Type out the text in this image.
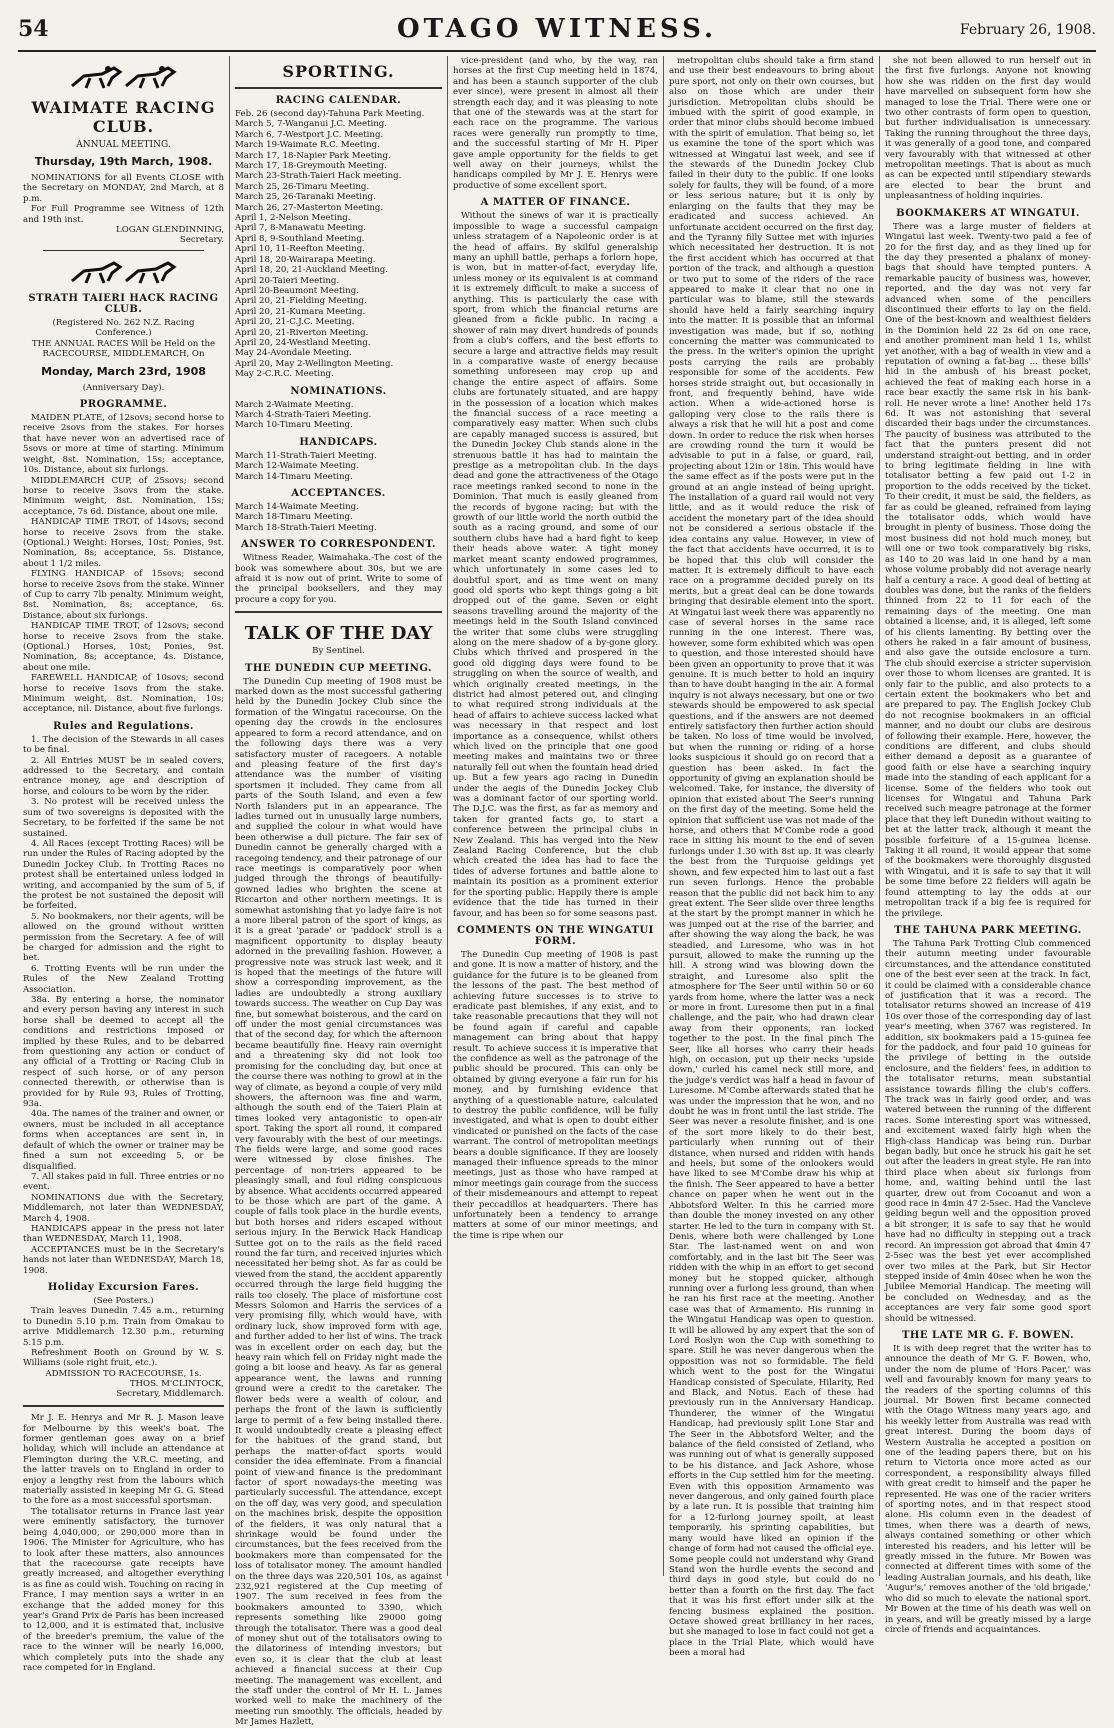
54	OTAGO WITNESS.	February 26, 1908.
WAIMATE RACING CLUB.
ANNUAL MEETING.
Thursday, 19th March, 1908.

NOMINATIONS for all Events CLOSE with the Secretary on MONDAY, 2nd March, at 8 p.m.

For Full Programme see Witness of 12th and 19th inst.

LOGAN GLENDINNING,
Secretary.
STRATH TAIERI HACK RACING CLUB.

(Registered No. 262 N.Z. Racing Conference.)

THE ANNUAL RACES Will be Held on the RACECOURSE, MIDDLEMARCH, On

Monday, March 23rd, 1908

(Anniversary Day).

PROGRAMME.

MAIDEN PLATE, of 12sovs; second horse to receive 2sovs from the stakes. For horses that have never won an advertised race of 5sovs or more at time of starting. Minimum weight, 8st. Nomination, 15s; acceptance, 10s. Distance, about six furlongs.

MIDDLEMARCH CUP, of 25sovs; second horse to receive 3sovs from the stake. Minimum weight, 8st. Nomination, 15s; acceptance, 7s 6d. Distance, about one mile.

HANDICAP TIME TROT, of 14sovs; second horse to receive 2sovs from the stake. (Optional.) Weight: Horses, 10st; Ponies, 9st. Nomination, 8s; acceptance, 5s. Distance, about 1 1/2 miles.

FLYING HANDICAP of 15sovs; second horse to receive 2sovs from the stake. Winner of Cup to carry 7lb penalty. Minimum weight, 8st. Nomination, 8s; acceptance, 6s. Distance, about six furlongs.

HANDICAP TIME TROT, of 12sovs; second horse to receive 2sovs from the stake. (Optional.) Horses, 10st; Ponies, 9st. Nomination, 8s; acceptance, 4s. Distance, about one mile.

FAREWELL HANDICAP, of 10sovs; second horse to receive 1sovs from the stake. Minimum weight, 8st. Nomination, 10s; acceptance, nil. Distance, about five furlongs.

Rules and Regulations.

1. The decision of the Stewards in all cases to be final.

2. All Entries MUST be in sealed covers, addressed to the Secretary, and contain entrance money, age and description of horse, and colours to be worn by the rider.

3. No protest will be received unless the sum of two sovereigns is deposited with the Secretary, to be forfeited if the same be not sustained.

4. All Races (except Trotting Races) will be run under the Rules of Racing adopted by the Dunedin Jockey Club. In Trotting Races no protest shall be entertained unless lodged in writing, and accompanied by the sum of 5, if the protest be not sustained the deposit will be forfeited.

5. No bookmakers, nor their agents, will be allowed on the ground without written permission from the Secretary. A fee of will be charged for admission and the right to bet.

6. Trotting Events will be run under the Rules of the New Zealand Trotting Association.

38a. By entering a horse, the nominator and every person having any interest in such horse shall be deemed to accept all the conditions and restrictions imposed or implied by these Rules, and to be debarred from questioning any action or conduct of any official of a Trotting or Racing Club in respect of such horse, or of any person connected therewith, or otherwise than is provided for by Rule 93, Rules of Trotting, 93a.

40a. The names of the trainer and owner, or owners, must be included in all acceptance forms when acceptances are sent in, in default of which the owner or trainer may be fined a sum not exceeding 5, or be disqualified.

7. All stakes paid in full. Three entries or no event.

NOMINATIONS due with the Secretary, Middlemarch, not later than WEDNESDAY, March 4, 1908.

HANDICAPS appear in the press not later than WEDNESDAY, March 11, 1908.

ACCEPTANCES must be in the Secretary's hands not later than WEDNESDAY, March 18, 1908.

Holiday Excursion Fares.

(See Posters.)

Train leaves Dunedin 7.45 a.m., returning to Dunedin 5.10 p.m. Train from Omakau to arrive Middlemarch 12.30 p.m., returning 5.15 p.m.

Refreshment Booth on Ground by W. S. Williams (sole right fruit, etc.).

ADMISSION TO RACECOURSE, 1s.

THOS. M'CLINTOCK,
Secretary, Middlemarch.

Mr J. E. Henrys and Mr R. J. Mason leave for Melbourne by this week's boat. The former gentleman goes away on a brief holiday, which will include an attendance at Flemington during the V.R.C. meeting, and the latter travels on to England in order to enjoy a lengthy rest from the labours which materially assisted in keeping Mr G. G. Stead to the fore as a most successful sportsman.

The totalisator returns in France last year were eminently satisfactory, the turnover being 4,040,000, or 290,000 more than in 1906. The Minister for Agriculture, who has to look after these matters, also announces that the racecourse gate receipts have greatly increased, and altogether everything is as fine as could wish. Touching on racing in France, I may mention says a writer in an exchange that the added money for this year's Grand Prix de Paris has been increased to 12,000, and it is estimated that, inclusive of the breeder's premium, the value of the race to the winner will be nearly 16,000, which completely puts into the shade any race competed for in England.

SPORTING.
RACING CALENDAR.

Feb. 26 (second day)-Tahuna Park Meeting.

March 5, 7-Wanganui J.C. Meeting.

March 6, 7-Westport J.C. Meeting.

March 19-Waimate R.C. Meeting.

March 17, 18-Napier Park Meeting.

March 17, 18-Greymouth Meeting.

March 23-Strath-Taieri Hack meeting.

March 25, 26-Timaru Meeting.

March 25, 26-Taranaki Meeting.

March 26, 27-Masterton Meeting.

April 1, 2-Nelson Meeting.

April 7, 8-Manawatu Meeting.

April 8, 9-Southland Meeting.

April 10, 11-Reefton Meeting.

April 18, 20-Wairarapa Meeting.

April 18, 20, 21-Auckland Meeting.

April 20-Taieri Meeting.

April 20-Beaumont Meeting.

April 20, 21-Fielding Meeting.

April 20, 21-Kumara Meeting.

April 20, 21-C.J.C. Meeting.

April 20, 21-Riverton Meeting.

April 20, 24-Westland Meeting.

May 24-Avondale Meeting.

April 20, May 2-Wellington Meeting.

May 2-C.R.C. Meeting.

NOMINATIONS.

March 2-Waimate Meeting.

March 4-Strath-Taieri Meeting.

March 10-Timaru Meeting.

HANDICAPS.

March 11-Strath-Taieri Meeting.

March 12-Waimate Meeting.

March 14-Timaru Meeting.

ACCEPTANCES.

March 14-Waimate Meeting.

March 18-Timaru Meeting.

March 18-Strath-Taieri Meeting.

ANSWER TO CORRESPONDENT.

Witness Reader, Waimahaka.-The cost of the book was somewhere about 30s, but we are afraid it is now out of print. Write to some of the principal booksellers, and they may procure a copy for you.

TALK OF THE DAY

By Sentinel.

THE DUNEDIN CUP MEETING.

The Dunedin Cup meeting of 1908 must be marked down as the most successful gathering held by the Dunedin Jockey Club since the formation of the Wingatui racecourse. On the opening day the crowds in the enclosures appeared to form a record attendance, and on the following days there was a very satisfactory muster of racegoers. A notable and pleasing feature of the first day's attendance was the number of visiting sportsmen it included. They came from all parts of the South Island, and even a few North Islanders put in an appearance. The ladies turned out in unusually large numbers, and supplied the colour in what would have been otherwise a dull picture. The fair sex of Dunedin cannot be generally charged with a racegoing tendency, and their patronage of our race meetings is comparatively poor when judged through the throngs of beautifully-gowned ladies who brighten the scene at Riccarton and other northern meetings. It is somewhat astonishing that yo ladye faire is not a more liberal patron of the sport of kings, as it is a great 'parade' or 'paddock' stroll is a magnificent opportunity to display beauty adorned in the prevailing fashion. However, a progressive note was struck last week, and it is hoped that the meetings of the future will show a corresponding improvement, as the ladies are undoubtedly a strong auxiliary towards success. The weather on Cup Day was fine, but somewhat boisterous, and the card on off under the most genial circumstances was that of the second day, for which the afternoon became beautifully fine. Heavy rain overnight and a threatening sky did not look too promising for the concluding day, but once at the course there was nothing to growl at in the way of climate, as beyond a couple of very mild showers, the afternoon was fine and warm, although the south end of the Taieri Plain at times looked very antagonistic to open-air sport. Taking the sport all round, it compared very favourably with the best of our meetings. The fields were large, and some good races were witnessed by close finishes. The percentage of non-triers appeared to be pleasingly small, and foul riding conspicuous by absence. What accidents occurred appeared to be those which are part of the game. A couple of falls took place in the hurdle events, but both horses and riders escaped without serious injury. In the Berwick Hack Handicap Suttee got on to the rails as the field raced round the far turn, and received injuries which necessitated her being shot. As far as could be viewed from the stand, the accident apparently occurred through the large field hugging the rails too closely. The place of misfortune cost Messrs Solomon and Harris the services of a very promising filly, which would have, with ordinary luck, show improved form with age, and further added to her list of wins. The track was in excellent order on each day, but the heavy rain which fell on Friday night made the going a bit loose and heavy. As far as general appearance went, the lawns and running ground were a credit to the caretaker. The flower beds were a wealth of colour, and perhaps the front of the lawn is sufficiently large to permit of a few being installed there. It would undoubtedly create a pleasing effect for the habitues of the grand stand, but perhaps the matter-of-fact sports would consider the idea effeminate. From a financial point of view-and finance is the predominant factor of sport nowadays-the meeting was particularly successful. The attendance, except on the off day, was very good, and speculation on the machines brisk, despite the opposition of the fielders, it was only natural that a shrinkage would be found under the circumstances, but the fees received from the bookmakers more than compensated for the loss of totalisator money. The amount handled on the three days was 220,501 10s, as against 232,921 registered at the Cup meeting of 1907. The sum received in fees from the bookmakers amounted to 3390, which represents something like 29000 going through the totalisator. There was a good deal of money shut out of the totalisators owing to the dilatoriness of intending investors; but even so, it is clear that the club at least achieved a financial success at their Cup meeting. The management was excellent, and the staff under the control of Mr H. L. James worked well to make the machinery of the meeting run smoothly. The officials, headed by Mr James Hazlett,

vice-president (and who, by the way, ran horses at the first Cup meeting held in 1874, and has been a staunch supporter of the club ever since), were present in almost all their strength each day, and it was pleasing to note that one of the stewards was at the start for each race on the programme. The various races were generally run promptly to time, and the successful starting of Mr H. Piper gave ample opportunity for the fields to get well away on their journeys, whilst the handicaps compiled by Mr J. E. Henrys were productive of some excellent sport.

A MATTER OF FINANCE.

Without the sinews of war it is practically impossible to wage a successful campaign unless stratagem of a Napoleonic order is at the head of affairs. By skilful generalship many an uphill battle, perhaps a forlorn hope, is won, but in matter-of-fact, everyday life, unless money or its equivalent is at command it is extremely difficult to make a success of anything. This is particularly the case with sport, from which the financial returns are gleaned from a fickle public. In racing a shower of rain may divert hundreds of pounds from a club's coffers, and the best efforts to secure a large and attractive fields may result in a comparative waste of energy because something unforeseen may crop up and change the entire aspect of affairs. Some clubs are fortunately situated, and are happy in the possession of a location which makes the financial success of a race meeting a comparatively easy matter. When such clubs are capably managed success is assured, but the Dunedin Jockey Club stands alone in the strenuous battle it has had to maintain the prestige as a metropolitan club. In the days dead and gone the attractiveness of the Otago race meetings ranked second to none in the Dominion. That much is easily gleaned from the records of bygone racing; but with the growth of our little world the north outbid the south as a racing ground, and some of our southern clubs have had a hard fight to keep their heads above water. A tight money market meant scanty endowed programmes, which unfortunately in some cases led to doubtful sport, and as time went on many good old sports who kept things going a bit dropped out of the game. Seven or eight seasons travelling around the majority of the meetings held in the South Island convinced the writer that some clubs were struggling along on the mere shadow of a by-gone glory. Clubs which thrived and prospered in the good old digging days were found to be struggling on when the source of wealth, and which originally created meetings, in the district had almost petered out, and clinging to what required strong individuals at the head of affairs to achieve success lacked what was necessary in that respect and lost importance as a consequence, whilst others which lived on the principle that one good meeting makes and maintains two or three naturally fell out when the fountain head dried up. But a few years ago racing in Dunedin under the aegis of the Dunedin Jockey Club was a dominant factor of our sporting world. The D.J.C. was the first, as far as memory and taken for granted facts go, to start a conference between the principal clubs in New Zealand. This has verged into the New Zealand Racing Conference, but the club which created the idea has had to face the tides of adverse fortunes and battle alone to maintain its position as a prominent exterior for the sporting public. Happily there is ample evidence that the tide has turned in their favour, and has been so for some seasons past.

COMMENTS ON THE WINGATUI FORM.

The Dunedin Cup meeting of 1908 is past and gone. It is now a matter of history, and the guidance for the future is to be gleaned from the lessons of the past. The best method of achieving future successes is to strive to eradicate past blemishes, if any exist, and to take reasonable precautions that they will not be found again if careful and capable management can bring about that happy result. To achieve success it is imperative that the confidence as well as the patronage of the public should be procured. This can only be obtained by giving everyone a fair run for his money, and by furnishing evidence that anything of a questionable nature, calculated to destroy the public confidence, will be fully investigated, and what is open to doubt either vindicated or punished on the facts of the case warrant. The control of metropolitan meetings bears a double significance. If they are loosely managed their influence spreads to the minor meetings, just as those who have ramped at minor meetings gain courage from the success of their misdemeanours and attempt to repeat their peccadillos at headquarters. There has unfortunately been a tendency to arrange matters at some of our minor meetings, and the time is ripe when our

metropolitan clubs should take a firm stand and use their best endeavours to bring about pure sport, not only on their own courses, but also on those which are under their jurisdiction. Metropolitan clubs should be imbued with the spirit of good example, in order that minor clubs should become imbued with the spirit of emulation. That being so, let us examine the tone of the sport which was witnessed at Wingatui last week, and see if the stewards of the Dunedin Jockey Club failed in their duty to the public. If one looks solely for faults, they will be found, of a more or less serious nature; but it is only by enlarging on the faults that they may be eradicated and success achieved. An unfortunate accident occurred on the first day, and the Tyranny filly Suttee met with injuries which necessitated her destruction. It is not the first accident which has occurred at that portion of the track, and although a question or two put to some of the riders of the race appeared to make it clear that no one in particular was to blame, still the stewards should have held a fairly searching inquiry into the matter. It is possible that an informal investigation was made, but if so, nothing concerning the matter was communicated to the press. In the writer's opinion the upright posts carrying the rails are probably responsible for some of the accidents. Few horses stride straight out, but occasionally in front, and frequently behind, have wide action. When a wide-actioned horse is galloping very close to the rails there is always a risk that he will hit a post and come down. In order to reduce the risk when horses are crowding round the turn it would be advisable to put in a false, or guard, rail, projecting about 12in or 18in. This would have the same effect as if the posts were put in the ground at an angle instead of being upright. The installation of a guard rail would not very little, and as it would reduce the risk of accident the monetary part of the idea should not be considered a serious obstacle if the idea contains any value. However, in view of the fact that accidents have occurred, it is to be hoped that this club will consider the matter. It is extremely difficult to have each race on a programme decided purely on its merits, but a great deal can be done towards bringing that desirable element into the sport. At Wingatui last week there was apparently no case of several horses in the same race running in the one interest. There was, however, some form exhibited which was open to question, and those interested should have been given an opportunity to prove that it was genuine. It is much better to hold an inquiry than to have doubt hanging in the air. A formal inquiry is not always necessary, but one or two stewards should be empowered to ask special questions, and if the answers are not deemed entirely satisfactory then further action should be taken. No loss of time would be involved, but when the running or riding of a horse looks suspicious it should go on record that a question has been asked. In fact the opportunity of giving an explanation should be welcomed. Take, for instance, the diversity of opinion that existed about The Seer's running on the first day of the meeting. Some held the opinion that sufficient use was not made of the horse, and others that M'Combe rode a good race in sitting his mount to the end of seven furlongs under 1.30 with 8st up. It was clearly the best from the Turquoise geldings yet shown, and few expected him to last out a fast run seven furlongs. Hence the probable reason that the public did not back him to any great extent. The Seer slide over three lengths at the start by the prompt manner in which he was jumped out at the rise of the barrier, and after showing the way along the back, he was steadied, and Luresome, who was in hot pursuit, allowed to make the running up the hill. A strong wind was blowing down the straight, and Luresome also split the atmosphere for The Seer until within 50 or 60 yards from home, where the latter was a neck or more in front. Luresome then put in a final challenge, and the pair, who had drawn clear away from their opponents, ran locked together to the post. In the final pinch The Seer, like all horses who carry their heads high, on occasion, put up their necks 'upside down,' curled his camel neck still more, and the judge's verdict was half a head in favour of Luresome. M'Combe afterwards stated that he was under the impression that he won, and no doubt he was in front until the last stride. The Seer was never a resolute finisher, and is one of the sort more likely to do their best, particularly when running out of their distance, when nursed and ridden with hands and heels, but some of the onlookers would have liked to see M'Combe draw his whip at the finish. The Seer appeared to have a better chance on paper when he went out in the Abbotsford Welter. In this he carried more than double the money invested on any other starter. He led to the turn in company with St. Denis, where both were challenged by Lone Star. The last-named went on and won comfortably, and in the last bit The Seer was ridden with the whip in an effort to get second money but he stopped quicker, although running over a furlong less ground, than when he ran his first race at the meeting. Another case was that of Armamento. His running in the Wingatui Handicap was open to question. It will be allowed by any expert that the son of Lord Roslyn won the Cup with something to spare. Still he was never dangerous when the opposition was not so formidable. The field which went to the post for the Wingatui Handicap consisted of Speculate, Hilarity, Red and Black, and Notus. Each of these had previously run in the Anniversary Handicap. Thunderer, the winner of the Wingatui Handicap, had previously split Lone Star and The Seer in the Abbotsford Welter, and the balance of the field consisted of Zetland, who was running out of what is generally supposed to be his distance, and Jack Ashore, whose efforts in the Cup settled him for the meeting. Even with this opposition Armamento was never dangerous, and only gained fourth place by a late run. It is possible that training him for a 12-furlong journey spoilt, at least temporarily, his sprinting capabilities, but many would have liked an opinion if the change of form had not caused the official eye. Some people could not understand why Grand Stand won the hurdle events the second and third days in good style, but could do no better than a fourth on the first day. The fact that it was his first effort under silk at the fencing business explained the position. Octave showed great brilliancy in her races, but she managed to lose in fact could not get a place in the Trial Plate, which would have been a moral had

she not been allowed to run herself out in the first five furlongs. Anyone not knowing how she was ridden on the first day would have marvelled on subsequent form how she managed to lose the Trial. There were one or two other contrasts of form open to question, but further individualisation is unnecessary. Taking the running throughout the three days, it was generally of a good tone, and compared very favourably with that witnessed at other metropolitan meetings. That is about as much as can be expected until stipendiary stewards are elected to bear the brunt and unpleasantness of holding inquiries.

BOOKMAKERS AT WINGATUI.

There was a large muster of fielders at Wingatui last week. Twenty-two paid a fee of 20 for the first day, and as they lined up for the day they presented a phalanx of money-bags that should have tempted punters. A remarkable paucity of business was, however, reported, and the day was not very far advanced when some of the pencillers discontinued their efforts to lay on the field. One of the best-known and wealthiest fielders in the Dominion held 22 2s 6d on one race, and another prominent man held 1 1s, whilst yet another, with a bag of wealth in view and a reputation of owning a fat-bag ... these bills' hid in the ambush of his breast pocket, achieved the feat of making each horse in a race bear exactly the same risk in his bank-roll. He never wrote a line! Another held 17s 6d. It was not astonishing that several discarded their bags under the circumstances. The paucity of business was attributed to the fact that the punters present did not understand straight-out betting, and in order to bring legitimate fielding in line with totalisator betting a few paid out 1-2 in proportion to the odds received by the ticket. To their credit, it must be said, the fielders, as far as could be gleaned, refrained from laying the totalisator odds, which would have brought in plenty of business. Those doing the most business did not hold much money, but will one or two took comparatively big risks, as 140 to 20 was laid in one hand by a man whose volume probably did not average nearly half a century a race. A good deal of betting at doubles was done, but the ranks of the fielders thinned from 22 to 11 for each of the remaining days of the meeting. One man obtained a license, and, it is alleged, left some of his clients lamenting. By betting over the others he raked in a fair amount of business, and also gave the outside enclosure a turn. The club should exercise a stricter supervision over those to whom licenses are granted. It is only fair to the public, and also protects to a certain extent the bookmakers who bet and are prepared to pay. The English Jockey Club do not recognise bookmakers in an official manner, and no doubt our clubs are desirous of following their example. Here, however, the conditions are different, and clubs should either demand a deposit as a guarantee of good faith or else have a searching inquiry made into the standing of each applicant for a license. Some of the fielders who took out licenses for Wingatui and Tahuna Park received such meagre patronage at the former place that they left Dunedin without waiting to bet at the latter track, although it meant the possible forfeiture of a 15-guinea license. Taking it all round, it would appear that some of the bookmakers were thoroughly disgusted with Wingatui, and it is safe to say that it will be some time before 22 fielders will again be found attempting to lay the odds at our metropolitan track if a big fee is required for the privilege.

THE TAHUNA PARK MEETING.

The Tahuna Park Trotting Club commenced their autumn meeting under favourable circumstances, and the attendance constituted one of the best ever seen at the track. In fact, it could be claimed with a considerable chance of justification that it was a record. The totalisator returns showed an increase of 419 10s over those of the corresponding day of last year's meeting, when 3767 was registered. In addition, six bookmakers paid a 15-guinea fee for the paddock, and four paid 10 guineas for the privilege of betting in the outside enclosure, and the fielders' fees, in addition to the totalisator returns, mean substantial assistance towards filling the club's coffers. The track was in fairly good order, and was watered between the running of the different races. Some interesting sport was witnessed, and excitement waxed fairly high when the High-class Handicap was being run. Durbar began badly, but once he struck his gait he set out after the leaders in great style. He ran into third place when about six furlongs from home, and, waiting behind until the last quarter, drew out from Cocoanut and won a good race in 4min 47 2-5sec. Had the Vancleve gelding begun well and the opposition proved a bit stronger, it is safe to say that he would have had no difficulty in stepping out a track record. An impression got abroad that 4min 47 2-5sec was the best yet ever accomplished over two miles at the Park, but Sir Hector stepped inside of 4min 40sec when he won the Jubilee Memorial Handicap. The meeting will be concluded on Wednesday, and as the acceptances are very fair some good sport should be witnessed.

THE LATE MR G. F. BOWEN.

It is with deep regret that the writer has to announce the death of Mr G. F. Bowen, who, under the nom de plume of 'Hors Pacer,' was well and favourably known for many years to the readers of the sporting columns of this journal. Mr Bowen first became connected with the Otago Witness many years ago, and his weekly letter from Australia was read with great interest. During the boom days of Western Australia he accepted a position on one of the leading papers there, but on his return to Victoria once more acted as our correspondent, a responsibility always filled with great credit to himself and the paper he represented. He was one of the racier writers of sporting notes, and in that respect stood alone. His column even in the deadest of times, when there was a dearth of news, always contained something or other which interested his readers, and his letter will be greatly missed in the future. Mr Bowen was connected at different times with some of the leading Australian journals, and his death, like 'Augur's,' removes another of the 'old brigade,' who did so much to elevate the national sport. Mr Bowen at the time of his death was well on in years, and will be greatly missed by a large circle of friends and acquaintances.
